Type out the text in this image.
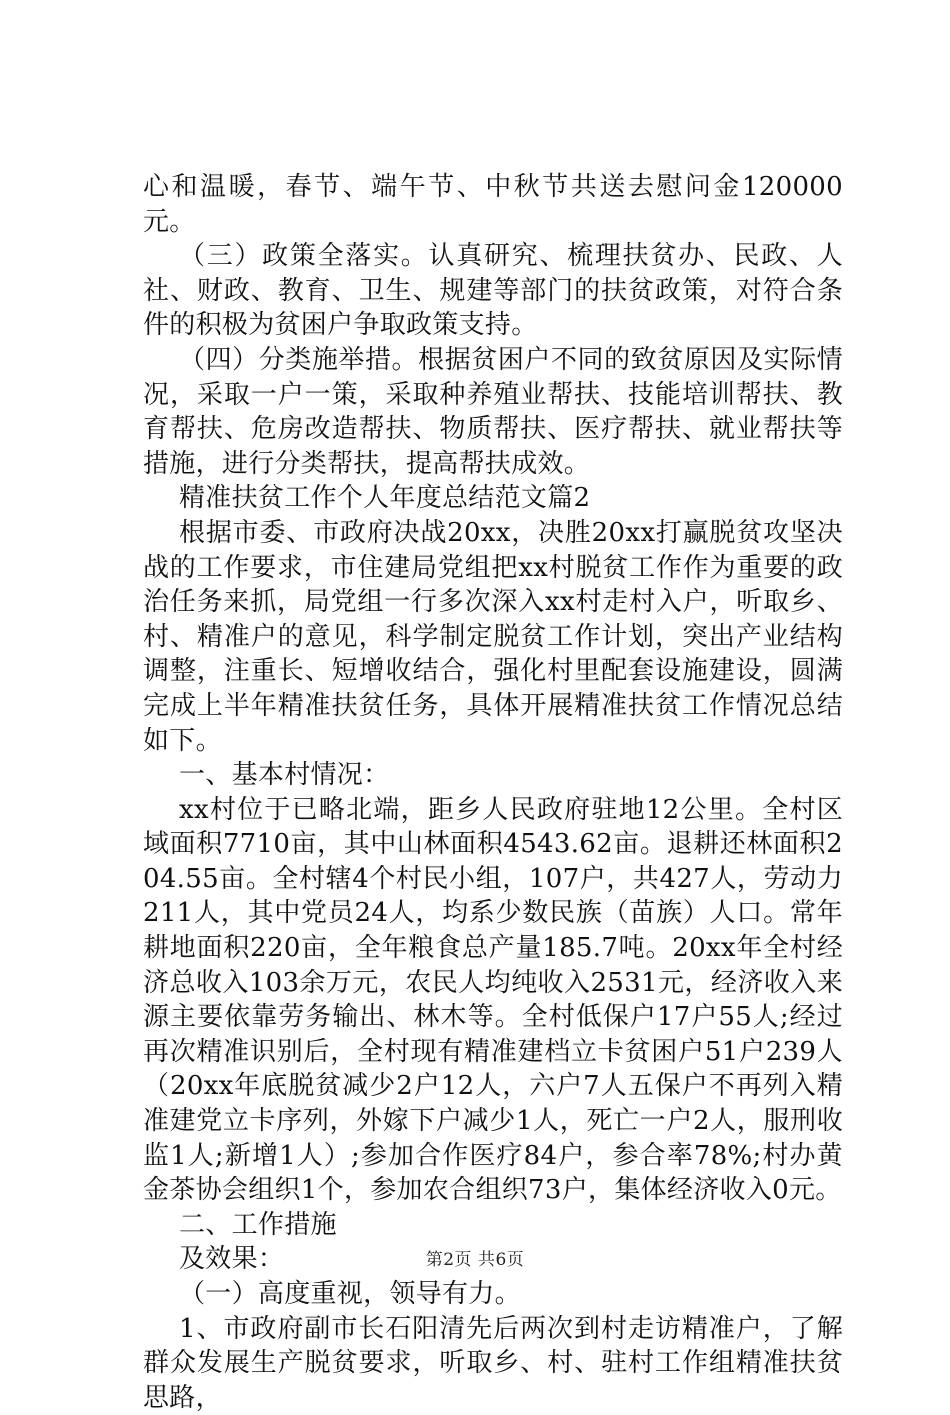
心和温暖，春节、端午节、中秋节共送去慰问金120000元。

（三）政策全落实。认真研究、梳理扶贫办、民政、人社、财政、教育、卫生、规建等部门的扶贫政策，对符合条件的积极为贫困户争取政策支持。

（四）分类施举措。根据贫困户不同的致贫原因及实际情况，采取一户一策，采取种养殖业帮扶、技能培训帮扶、教育帮扶、危房改造帮扶、物质帮扶、医疗帮扶、就业帮扶等措施，进行分类帮扶，提高帮扶成效。

精准扶贫工作个人年度总结范文篇2

根据市委、市政府决战20xx，决胜20xx打赢脱贫攻坚决战的工作要求，市住建局党组把xx村脱贫工作作为重要的政治任务来抓，局党组一行多次深入xx村走村入户，听取乡、村、精准户的意见，科学制定脱贫工作计划，突出产业结构调整，注重长、短增收结合，强化村里配套设施建设，圆满完成上半年精准扶贫任务，具体开展精准扶贫工作情况总结如下。

一、基本村情况：

xx村位于已略北端，距乡人民政府驻地12公里。全村区域面积7710亩，其中山林面积4543.62亩。退耕还林面积204.55亩。全村辖4个村民小组，107户，共427人，劳动力211人，其中党员24人，均系少数民族（苗族）人口。常年耕地面积220亩，全年粮食总产量185.7吨。20xx年全村经济总收入103余万元，农民人均纯收入2531元，经济收入来源主要依靠劳务输出、林木等。全村低保户17户55人;经过再次精准识别后，全村现有精准建档立卡贫困户51户239人（20xx年底脱贫减少2户12人，六户7人五保户不再列入精准建党立卡序列，外嫁下户减少1人，死亡一户2人，服刑收监1人;新增1人）;参加合作医疗84户，参合率78%;村办黄金茶协会组织1个，参加农合组织73户，集体经济收入0元。

二、工作措施

及效果：

（一）高度重视，领导有力。

1、市政府副市长石阳清先后两次到村走访精准户，了解群众发展生产脱贫要求，听取乡、村、驻村工作组精准扶贫思路，

第2页 共6页
